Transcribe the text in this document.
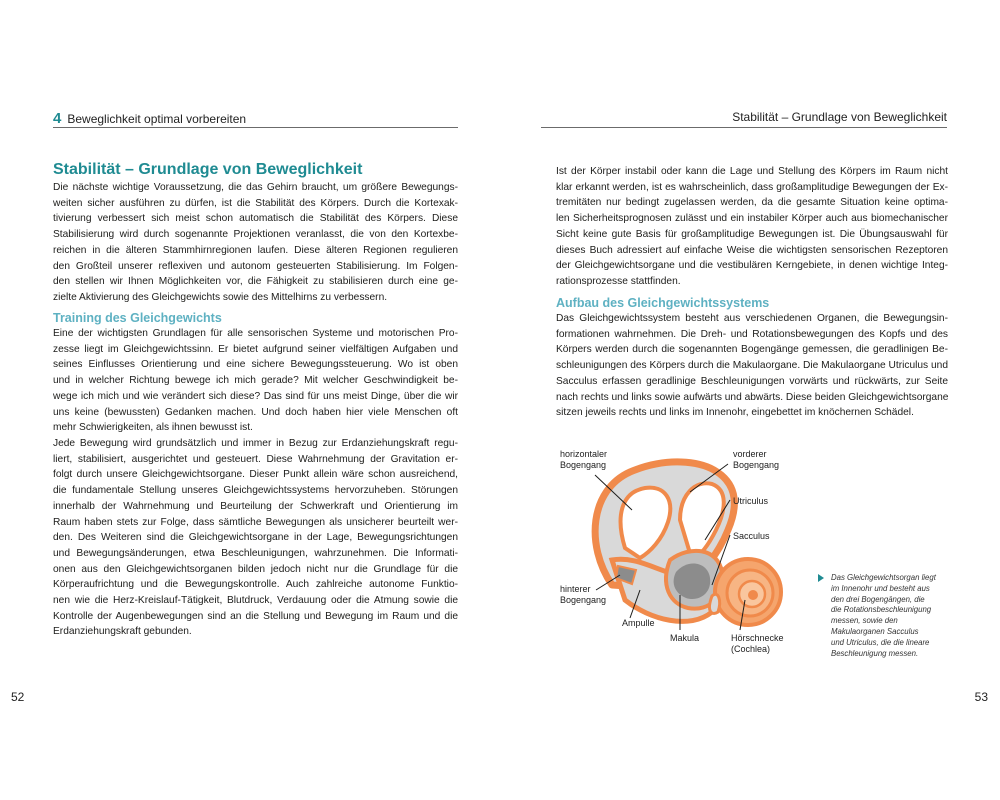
4 Beweglichkeit optimal vorbereiten	Stabilität – Grundlage von Beweglichkeit
Stabilität – Grundlage von Beweglichkeit
Training des Gleichgewichts
52
Aufbau des Gleichgewichtssystems
horizontaler
Bogengang
vorderer
Bogengang
Utriculus
Sacculus
hinterer
Bogengang
Ampulle
Makula	Hörschnecke
(Cochlea)
Das Gleichgewichtsorgan liegt
im Innenohr und besteht aus
den drei Bogengängen, die
die Rotationsbeschleunigung
messen, sowie den
Makulaorganen Sacculus
und Utriculus, die die lineare
Beschleunigung messen.
53
Die nächste wichtige Voraussetzung, die das Gehirn braucht, um größere Bewegungs-
weiten sicher ausführen zu dürfen, ist die Stabilität des Körpers. Durch die Kortexak-
tivierung verbessert sich meist schon automatisch die Stabilität des Körpers. Diese
Stabilisierung wird durch sogenannte Projektionen veranlasst, die von den Kortexbe-
reichen in die älteren Stammhirnregionen laufen. Diese älteren Regionen regulieren
den Großteil unserer reflexiven und autonom gesteuerten Stabilisierung. Im Folgen-
den stellen wir Ihnen Möglichkeiten vor, die Fähigkeit zu stabilisieren durch eine ge-
zielte Aktivierung des Gleichgewichts sowie des Mittelhirns zu verbessern.
Eine der wichtigsten Grundlagen für alle sensorischen Systeme und motorischen Pro-
zesse liegt im Gleichgewichtssinn. Er bietet aufgrund seiner vielfältigen Aufgaben und
seines Einflusses Orientierung und eine sichere Bewegungssteuerung. Wo ist oben
und in welcher Richtung bewege ich mich gerade? Mit welcher Geschwindigkeit be-
wege ich mich und wie verändert sich diese? Das sind für uns meist Dinge, über die wir
uns keine (bewussten) Gedanken machen. Und doch haben hier viele Menschen oft
mehr Schwierigkeiten, als ihnen bewusst ist.
Jede Bewegung wird grundsätzlich und immer in Bezug zur Erdanziehungskraft regu-
liert, stabilisiert, ausgerichtet und gesteuert. Diese Wahrnehmung der Gravitation er-
folgt durch unsere Gleichgewichtsorgane. Dieser Punkt allein wäre schon ausreichend,
die fundamentale Stellung unseres Gleichgewichtssystems hervorzuheben. Störungen
innerhalb der Wahrnehmung und Beurteilung der Schwerkraft und Orientierung im
Raum haben stets zur Folge, dass sämtliche Bewegungen als unsicherer beurteilt wer-
den. Des Weiteren sind die Gleichgewichtsorgane in der Lage, Bewegungsrichtungen
und Bewegungsänderungen, etwa Beschleunigungen, wahrzunehmen. Die Informati-
onen aus den Gleichgewichtsorganen bilden jedoch nicht nur die Grundlage für die
Körperaufrichtung und die Bewegungskontrolle. Auch zahlreiche autonome Funktio-
nen wie die Herz-Kreislauf-Tätigkeit, Blutdruck, Verdauung oder die Atmung sowie die
Kontrolle der Augenbewegungen sind an die Stellung und Bewegung im Raum und die
Erdanziehungskraft gebunden.
Ist der Körper instabil oder kann die Lage und Stellung des Körpers im Raum nicht
klar erkannt werden, ist es wahrscheinlich, dass großamplitudige Bewegungen der Ex-
tremitäten nur bedingt zugelassen werden, da die gesamte Situation keine optima-
len Sicherheitsprognosen zulässt und ein instabiler Körper auch aus biomechanischer
Sicht keine gute Basis für großamplitudige Bewegungen ist. Die Übungsauswahl für
dieses Buch adressiert auf einfache Weise die wichtigsten sensorischen Rezeptoren
der Gleichgewichtsorgane und die vestibulären Kerngebiete, in denen wichtige Integ-
rationsprozesse stattfinden.
Das Gleichgewichtssystem besteht aus verschiedenen Organen, die Bewegungsin-
formationen wahrnehmen. Die Dreh- und Rotationsbewegungen des Kopfs und des
Körpers werden durch die sogenannten Bogengänge gemessen, die geradlinigen Be-
schleunigungen des Körpers durch die Makulaorgane. Die Makulaorgane Utriculus und
Sacculus erfassen geradlinige Beschleunigungen vorwärts und rückwärts, zur Seite
nach rechts und links sowie aufwärts und abwärts. Diese beiden Gleichgewichtsorgane
sitzen jeweils rechts und links im Innenohr, eingebettet im knöchernen Schädel.
